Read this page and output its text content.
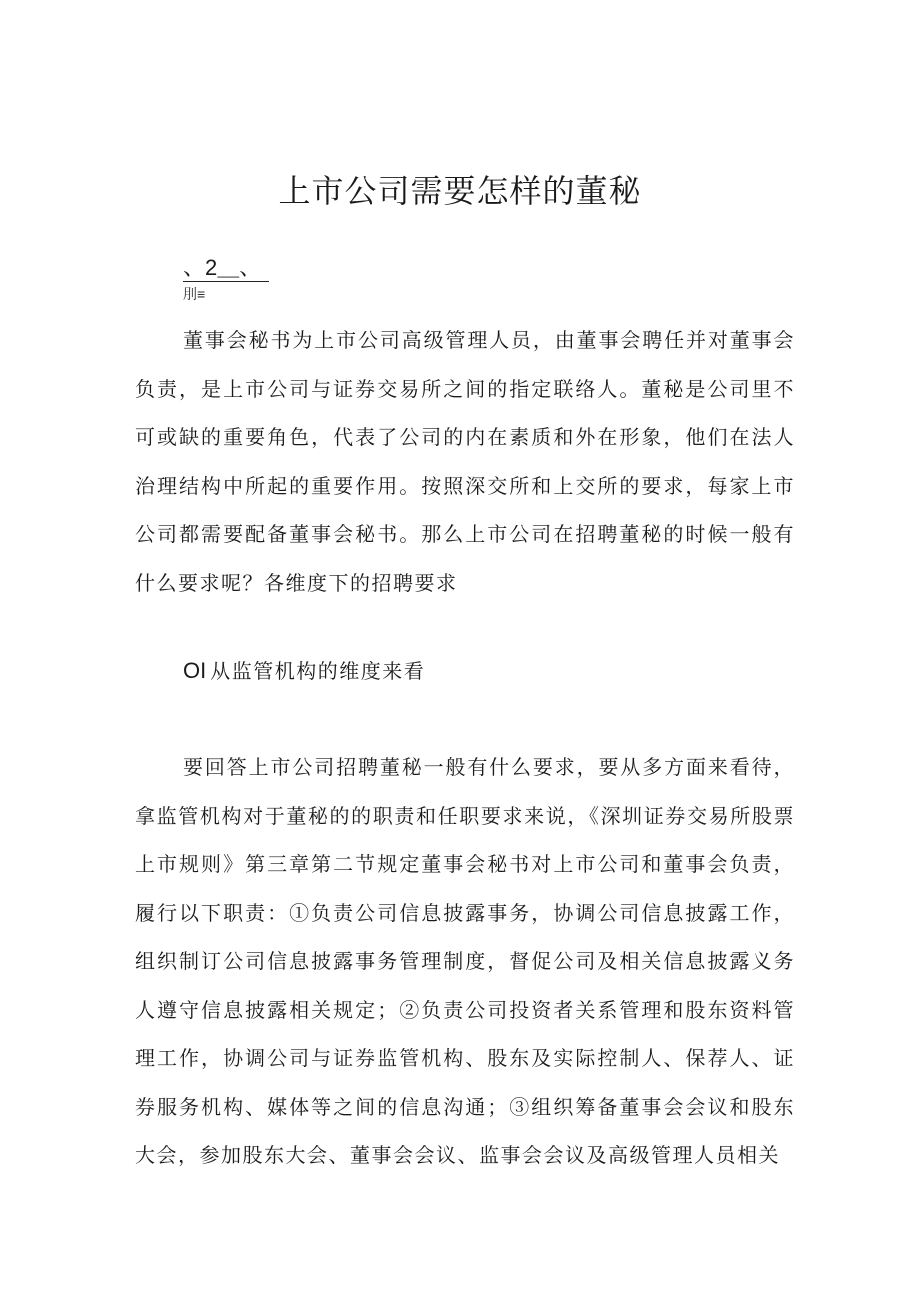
上市公司需要怎样的董秘
、2＿、
刖≡

董事会秘书为上市公司高级管理人员，由董事会聘任并对董事会负责，是上市公司与证券交易所之间的指定联络人。董秘是公司里不可或缺的重要角色，代表了公司的内在素质和外在形象，他们在法人治理结构中所起的重要作用。按照深交所和上交所的要求，每家上市公司都需要配备董事会秘书。那么上市公司在招聘董秘的时候一般有什么要求呢？各维度下的招聘要求

OI 从监管机构的维度来看

要回答上市公司招聘董秘一般有什么要求，要从多方面来看待，拿监管机构对于董秘的的职责和任职要求来说，《深圳证券交易所股票上市规则》第三章第二节规定董事会秘书对上市公司和董事会负责，履行以下职责：①负责公司信息披露事务，协调公司信息披露工作，组织制订公司信息披露事务管理制度，督促公司及相关信息披露义务人遵守信息披露相关规定；②负责公司投资者关系管理和股东资料管理工作，协调公司与证券监管机构、股东及实际控制人、保荐人、证券服务机构、媒体等之间的信息沟通；③组织筹备董事会会议和股东大会，参加股东大会、董事会会议、监事会会议及高级管理人员相关
